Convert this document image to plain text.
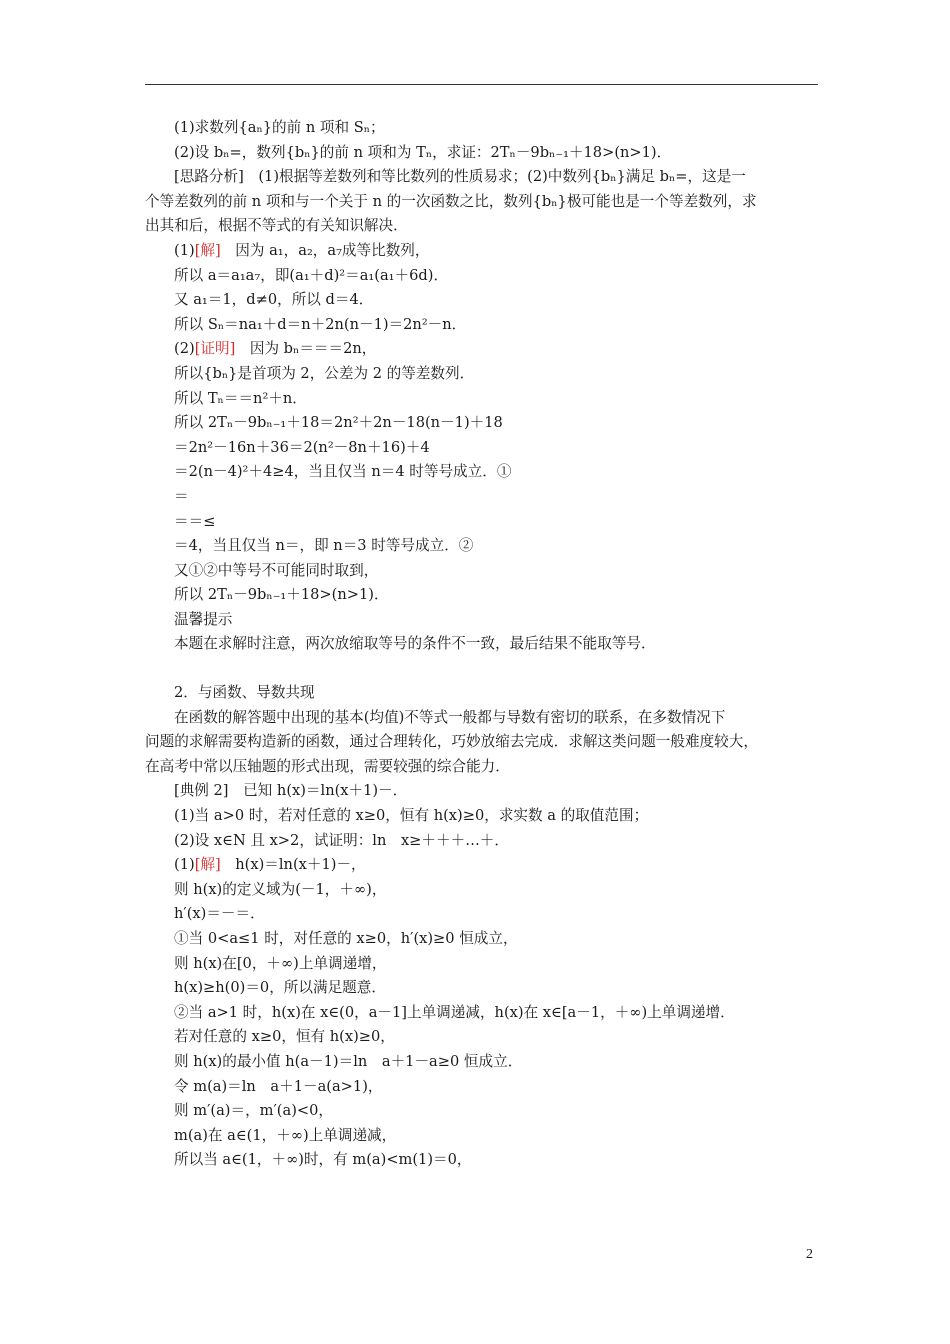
(1)求数列{aₙ}的前 n 项和 Sₙ；
(2)设 bₙ=，数列{bₙ}的前 n 项和为 Tₙ，求证：2Tₙ－9bₙ₋₁＋18>(n>1)．
[思路分析]　(1)根据等差数列和等比数列的性质易求；(2)中数列{bₙ}满足 bₙ=，这是一
个等差数列的前 n 项和与一个关于 n 的一次函数之比，数列{bₙ}极可能也是一个等差数列，求
出其和后，根据不等式的有关知识解决．
(1)[解]　因为 a₁，a₂，a₇成等比数列，
所以 a＝a₁a₇，即(a₁＋d)²＝a₁(a₁＋6d)．
又 a₁＝1，d≠0，所以 d＝4．
所以 Sₙ＝na₁＋d＝n＋2n(n－1)＝2n²－n．
(2)[证明]　因为 bₙ＝＝＝2n，
所以{bₙ}是首项为 2，公差为 2 的等差数列．
所以 Tₙ＝＝n²＋n．
所以 2Tₙ－9bₙ₋₁＋18＝2n²＋2n－18(n－1)＋18
＝2n²－16n＋36＝2(n²－8n＋16)＋4
＝2(n－4)²＋4≥4，当且仅当 n＝4 时等号成立．①
＝
＝＝≤
＝4，当且仅当 n＝，即 n＝3 时等号成立．②
又①②中等号不可能同时取到，
所以 2Tₙ－9bₙ₋₁＋18>(n>1)．
温馨提示
本题在求解时注意，两次放缩取等号的条件不一致，最后结果不能取等号．
2．与函数、导数共现
在函数的解答题中出现的基本(均值)不等式一般都与导数有密切的联系，在多数情况下
问题的求解需要构造新的函数，通过合理转化，巧妙放缩去完成．求解这类问题一般难度较大，
在高考中常以压轴题的形式出现，需要较强的综合能力．
[典例 2]　已知 h(x)＝ln(x＋1)－．
(1)当 a>0 时，若对任意的 x≥0，恒有 h(x)≥0，求实数 a 的取值范围；
(2)设 x∈N 且 x>2，试证明：ln　x≥＋＋＋…＋．
(1)[解]　h(x)＝ln(x＋1)－，
则 h(x)的定义域为(－1，＋∞)，
h′(x)＝－＝．
①当 0<a≤1 时，对任意的 x≥0，h′(x)≥0 恒成立，
则 h(x)在[0，＋∞)上单调递增，
h(x)≥h(0)＝0，所以满足题意．
②当 a>1 时，h(x)在 x∈(0，a－1]上单调递减，h(x)在 x∈[a－1，＋∞)上单调递增．
若对任意的 x≥0，恒有 h(x)≥0，
则 h(x)的最小值 h(a－1)＝ln　a＋1－a≥0 恒成立．
令 m(a)＝ln　a＋1－a(a>1)，
则 m′(a)＝，m′(a)<0，
m(a)在 a∈(1，＋∞)上单调递减，
所以当 a∈(1，＋∞)时，有 m(a)<m(1)＝0，
2
